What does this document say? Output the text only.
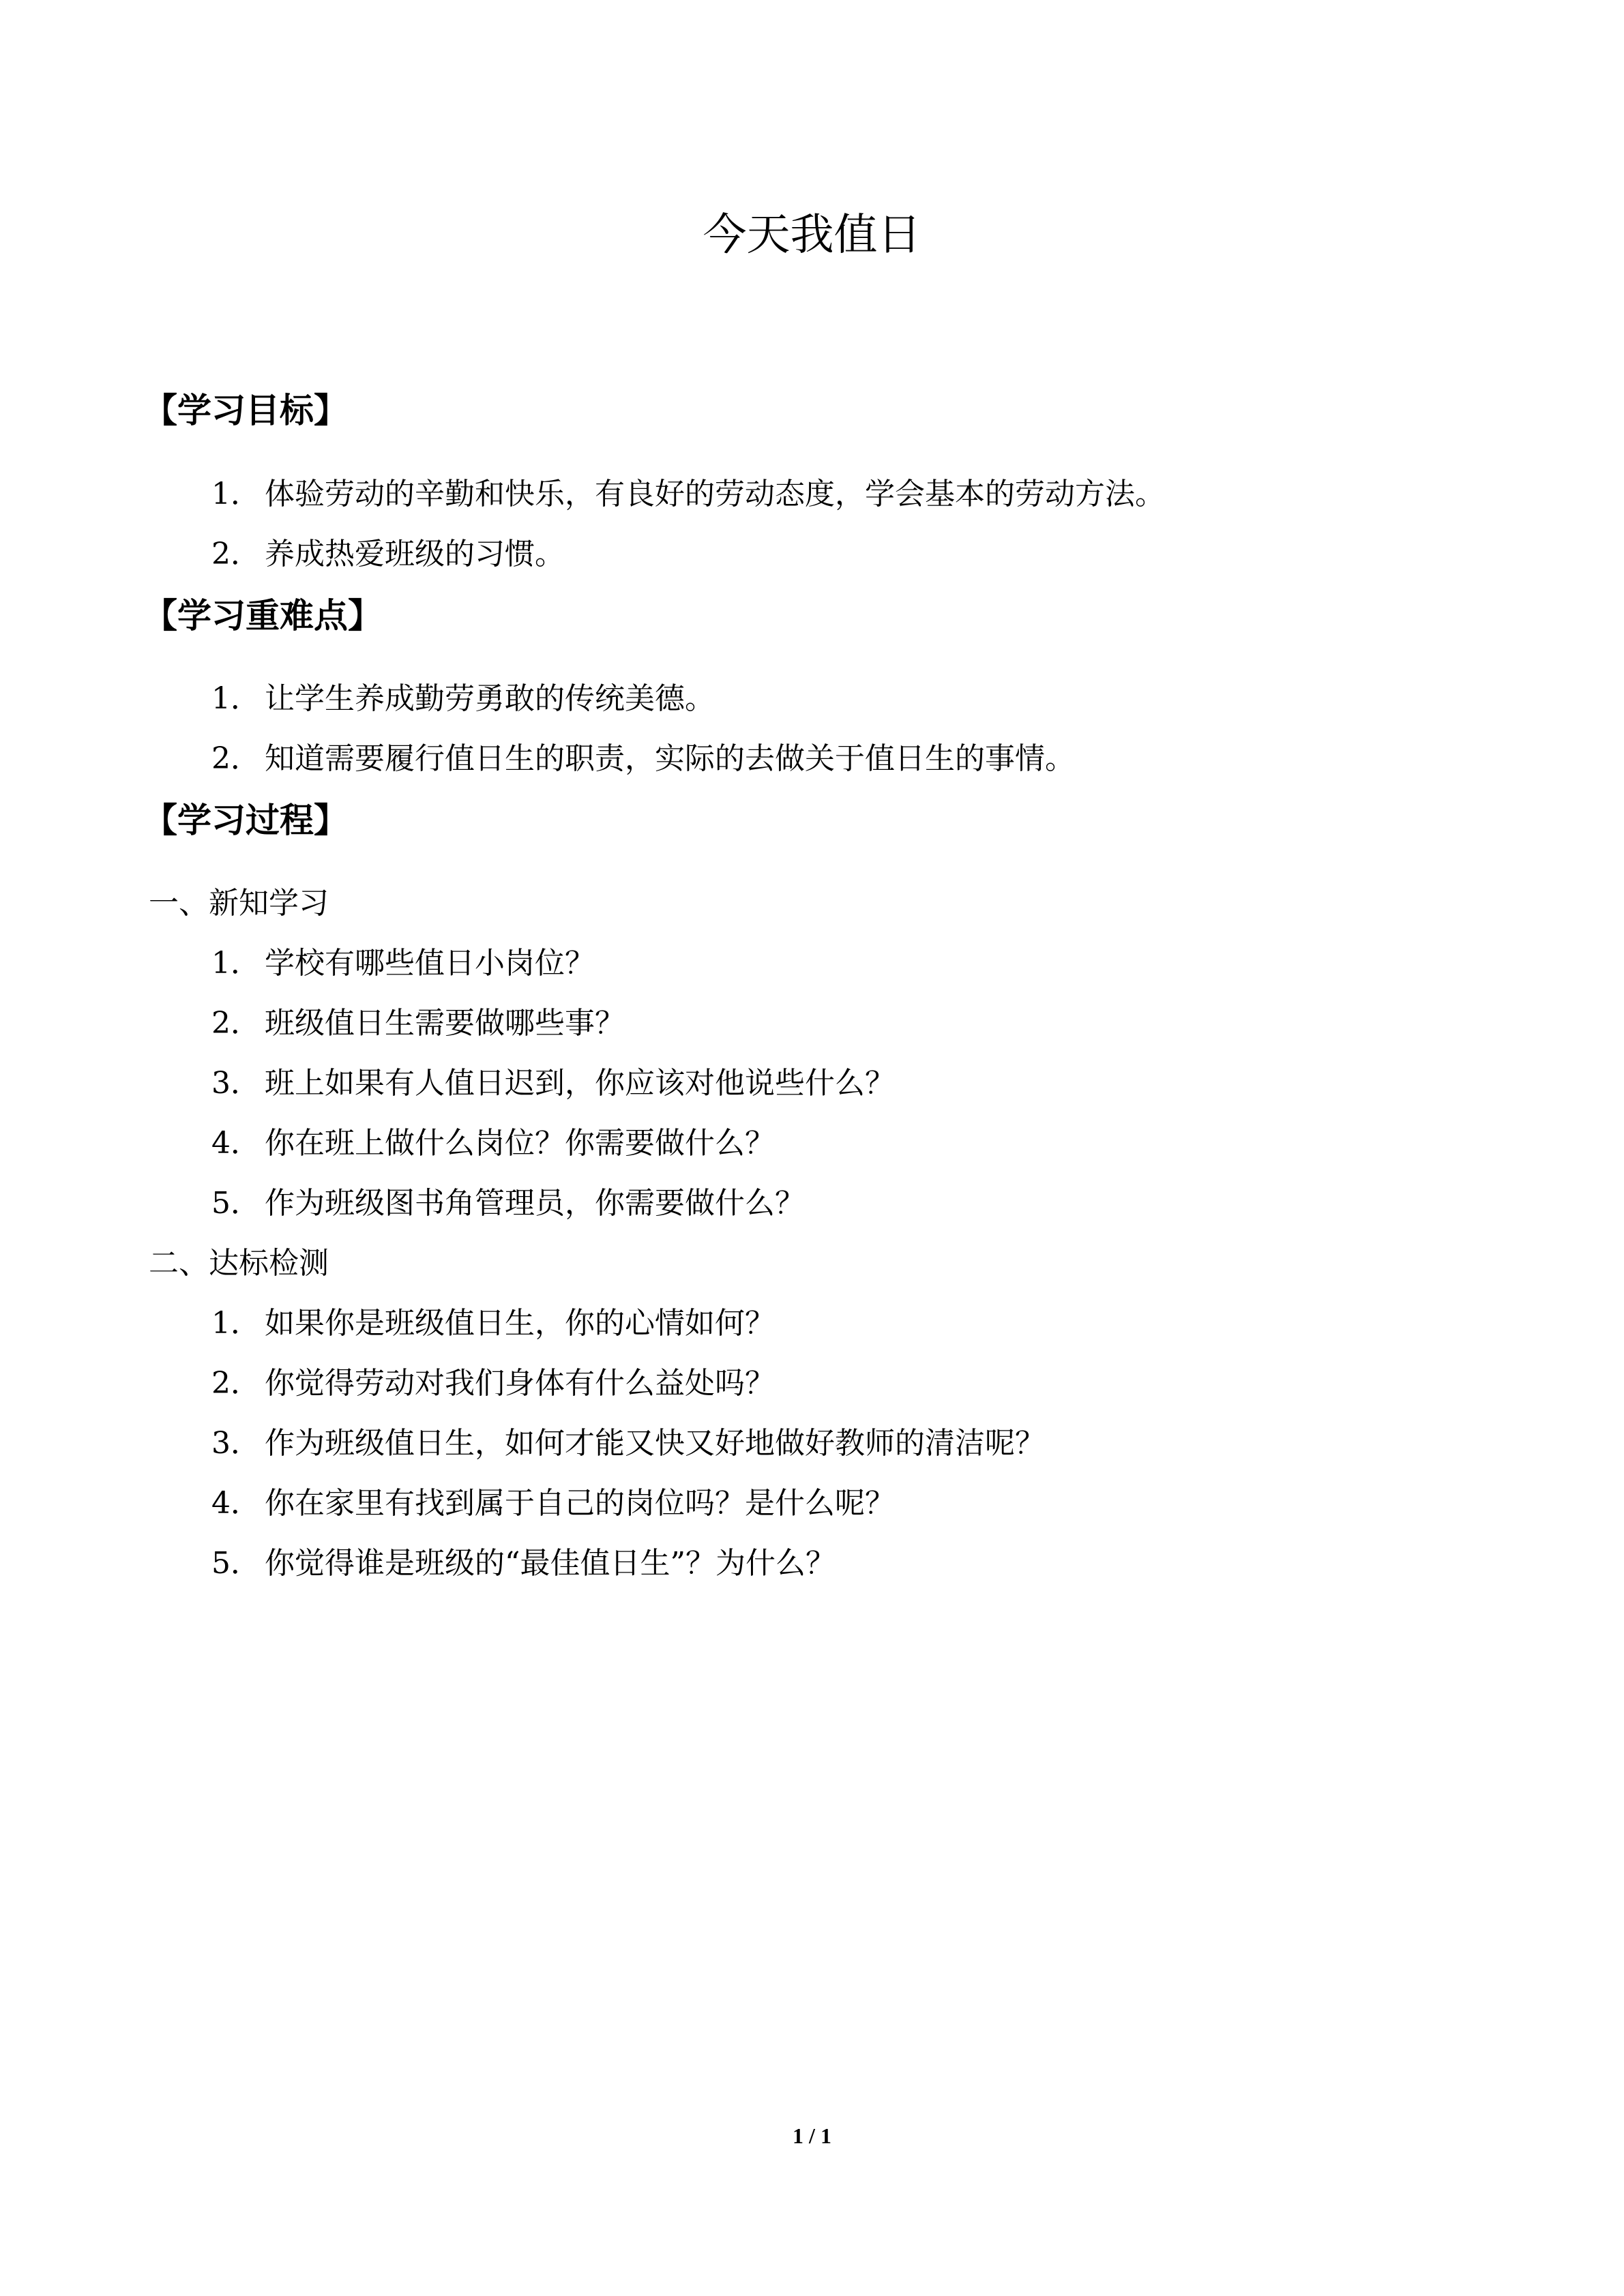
今天我值日
【学习目标】

1． 体验劳动的辛勤和快乐，有良好的劳动态度，学会基本的劳动方法。

2． 养成热爱班级的习惯。

【学习重难点】

1． 让学生养成勤劳勇敢的传统美德。

2． 知道需要履行值日生的职责，实际的去做关于值日生的事情。

【学习过程】

一、新知学习

1． 学校有哪些值日小岗位？

2． 班级值日生需要做哪些事？

3． 班上如果有人值日迟到，你应该对他说些什么？

4． 你在班上做什么岗位？你需要做什么？

5． 作为班级图书角管理员，你需要做什么？

二、达标检测

1． 如果你是班级值日生，你的心情如何？

2． 你觉得劳动对我们身体有什么益处吗？

3． 作为班级值日生，如何才能又快又好地做好教师的清洁呢？

4． 你在家里有找到属于自己的岗位吗？是什么呢？

5． 你觉得谁是班级的“最佳值日生”？为什么？

1 / 1
